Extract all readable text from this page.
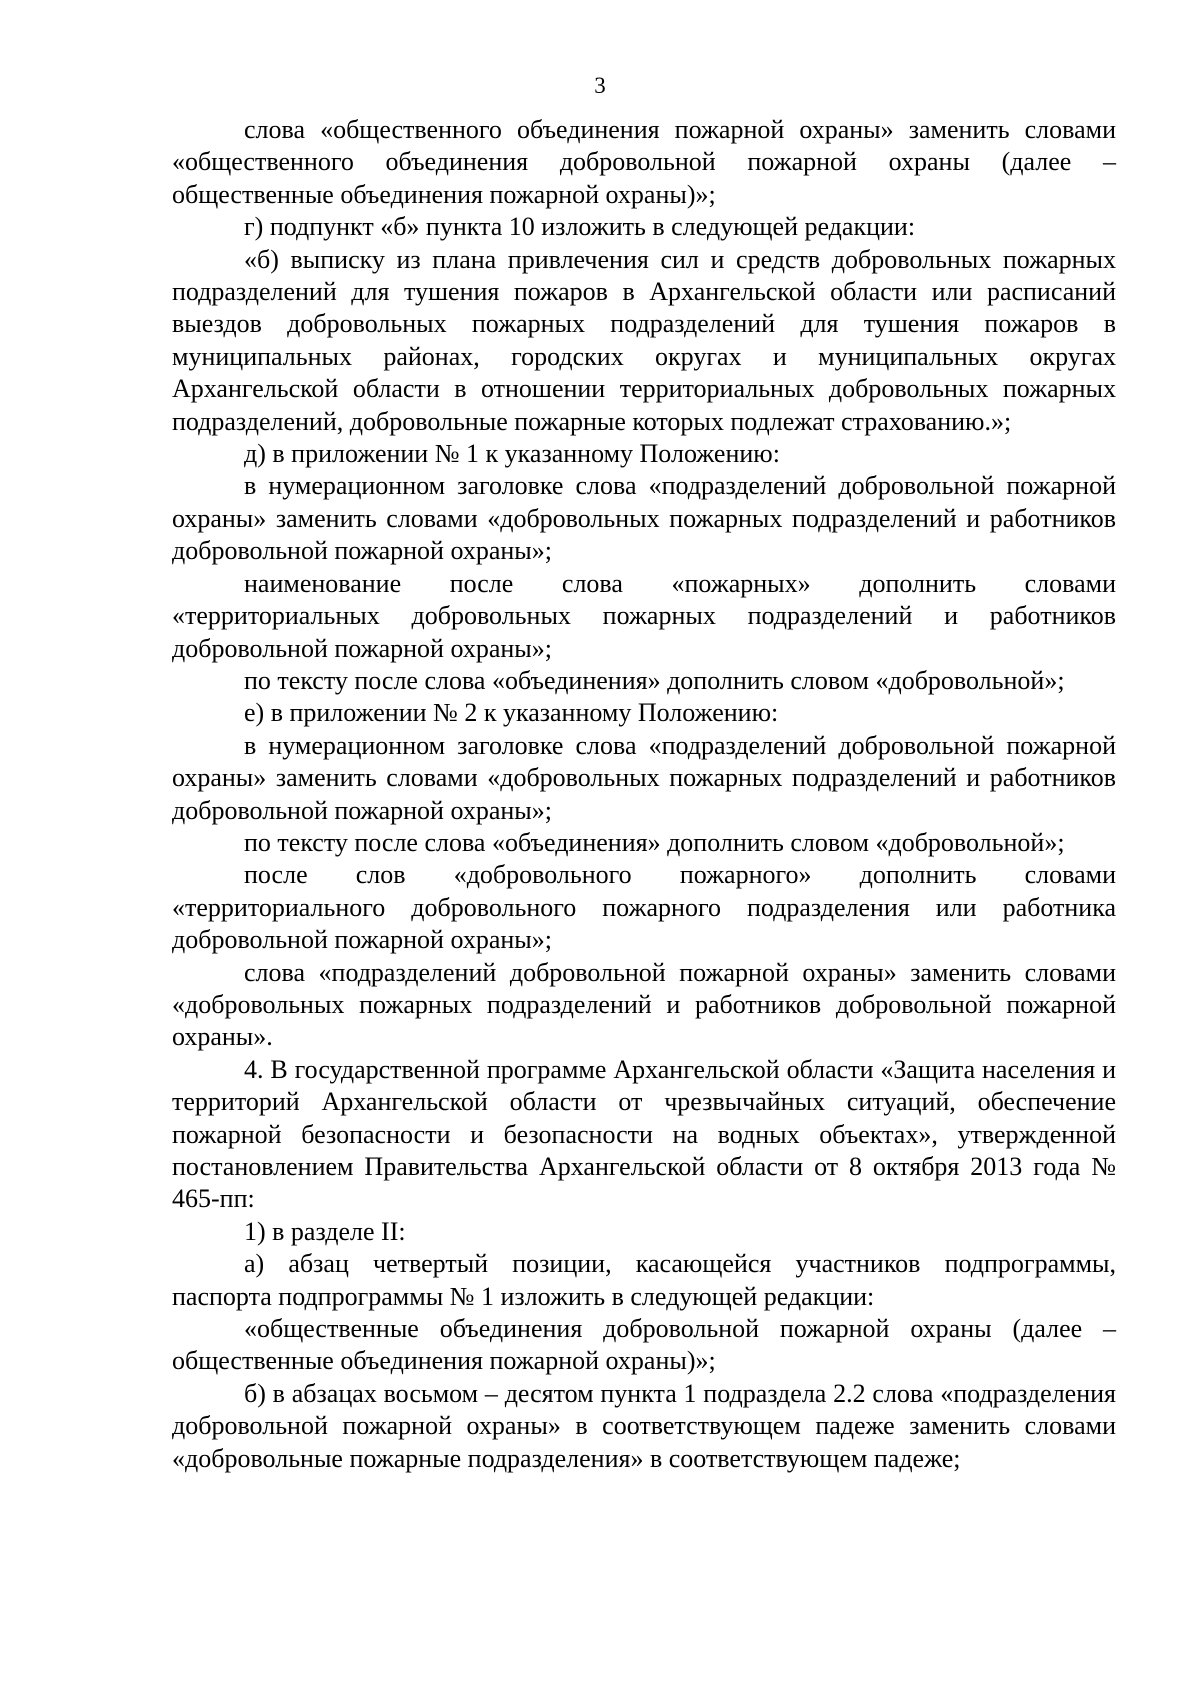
3

слова «общественного объединения пожарной охраны» заменить словами «общественного объединения добровольной пожарной охраны (далее – общественные объединения пожарной охраны)»;

г) подпункт «б» пункта 10 изложить в следующей редакции:

«б) выписку из плана привлечения сил и средств добровольных пожарных подразделений для тушения пожаров в Архангельской области или расписаний выездов добровольных пожарных подразделений для тушения пожаров в муниципальных районах, городских округах и муниципальных округах Архангельской области в отношении территориальных добровольных пожарных подразделений, добровольные пожарные которых подлежат страхованию.»;

д) в приложении № 1 к указанному Положению:

в нумерационном заголовке слова «подразделений добровольной пожарной охраны» заменить словами «добровольных пожарных подразделений и работников добровольной пожарной охраны»;

наименование после слова «пожарных» дополнить словами «территориальных добровольных пожарных подразделений и работников добровольной пожарной охраны»;

по тексту после слова «объединения» дополнить словом «добровольной»;

е) в приложении № 2 к указанному Положению:

в нумерационном заголовке слова «подразделений добровольной пожарной охраны» заменить словами «добровольных пожарных подразделений и работников добровольной пожарной охраны»;

по тексту после слова «объединения» дополнить словом «добровольной»;

после слов «добровольного пожарного» дополнить словами «территориального добровольного пожарного подразделения или работника добровольной пожарной охраны»;

слова «подразделений добровольной пожарной охраны» заменить словами «добровольных пожарных подразделений и работников добровольной пожарной охраны».

4. В государственной программе Архангельской области «Защита населения и территорий Архангельской области от чрезвычайных ситуаций, обеспечение пожарной безопасности и безопасности на водных объектах», утвержденной постановлением Правительства Архангельской области от 8 октября 2013 года № 465-пп:

1) в разделе II:

а) абзац четвертый позиции, касающейся участников подпрограммы, паспорта подпрограммы № 1 изложить в следующей редакции:

«общественные объединения добровольной пожарной охраны (далее – общественные объединения пожарной охраны)»;

б) в абзацах восьмом – десятом пункта 1 подраздела 2.2 слова «подразделения добровольной пожарной охраны» в соответствующем падеже заменить словами «добровольные пожарные подразделения» в соответствующем падеже;
